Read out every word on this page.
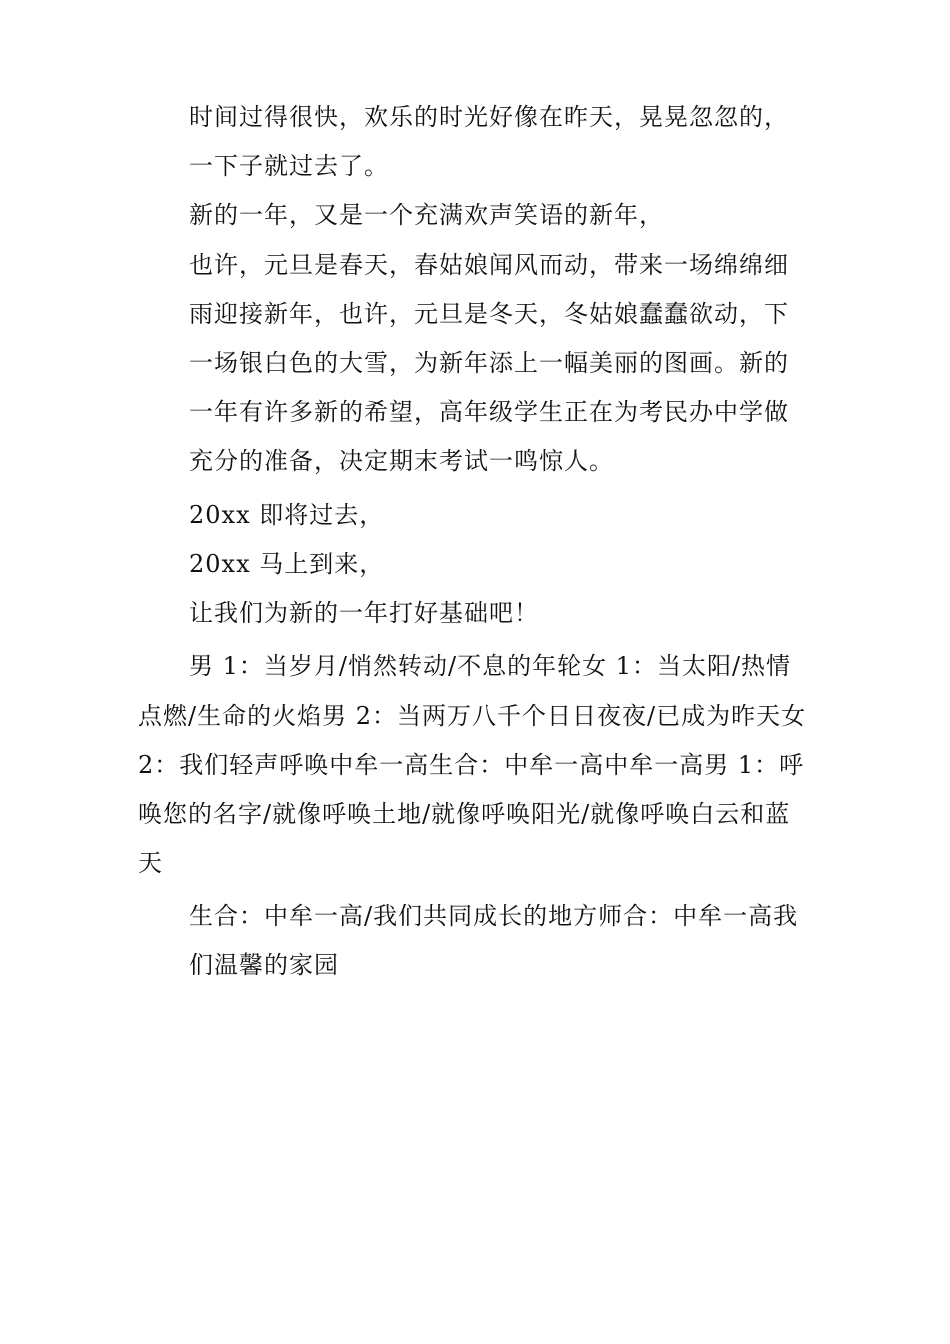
时间过得很快，欢乐的时光好像在昨天，晃晃忽忽的，
一下子就过去了。
新的一年，又是一个充满欢声笑语的新年，
也许，元旦是春天，春姑娘闻风而动，带来一场绵绵细
雨迎接新年，也许，元旦是冬天，冬姑娘蠢蠢欲动，下
一场银白色的大雪，为新年添上一幅美丽的图画。新的
一年有许多新的希望，高年级学生正在为考民办中学做
充分的准备，决定期末考试一鸣惊人。
20xx 即将过去，
20xx 马上到来，
让我们为新的一年打好基础吧！
男 1：当岁月/悄然转动/不息的年轮女 1：当太阳/热情
点燃/生命的火焰男 2：当两万八千个日日夜夜/已成为昨天女
2：我们轻声呼唤中牟一高生合：中牟一高中牟一高男 1：呼
唤您的名字/就像呼唤土地/就像呼唤阳光/就像呼唤白云和蓝
天
生合：中牟一高/我们共同成长的地方师合：中牟一高我
们温馨的家园
